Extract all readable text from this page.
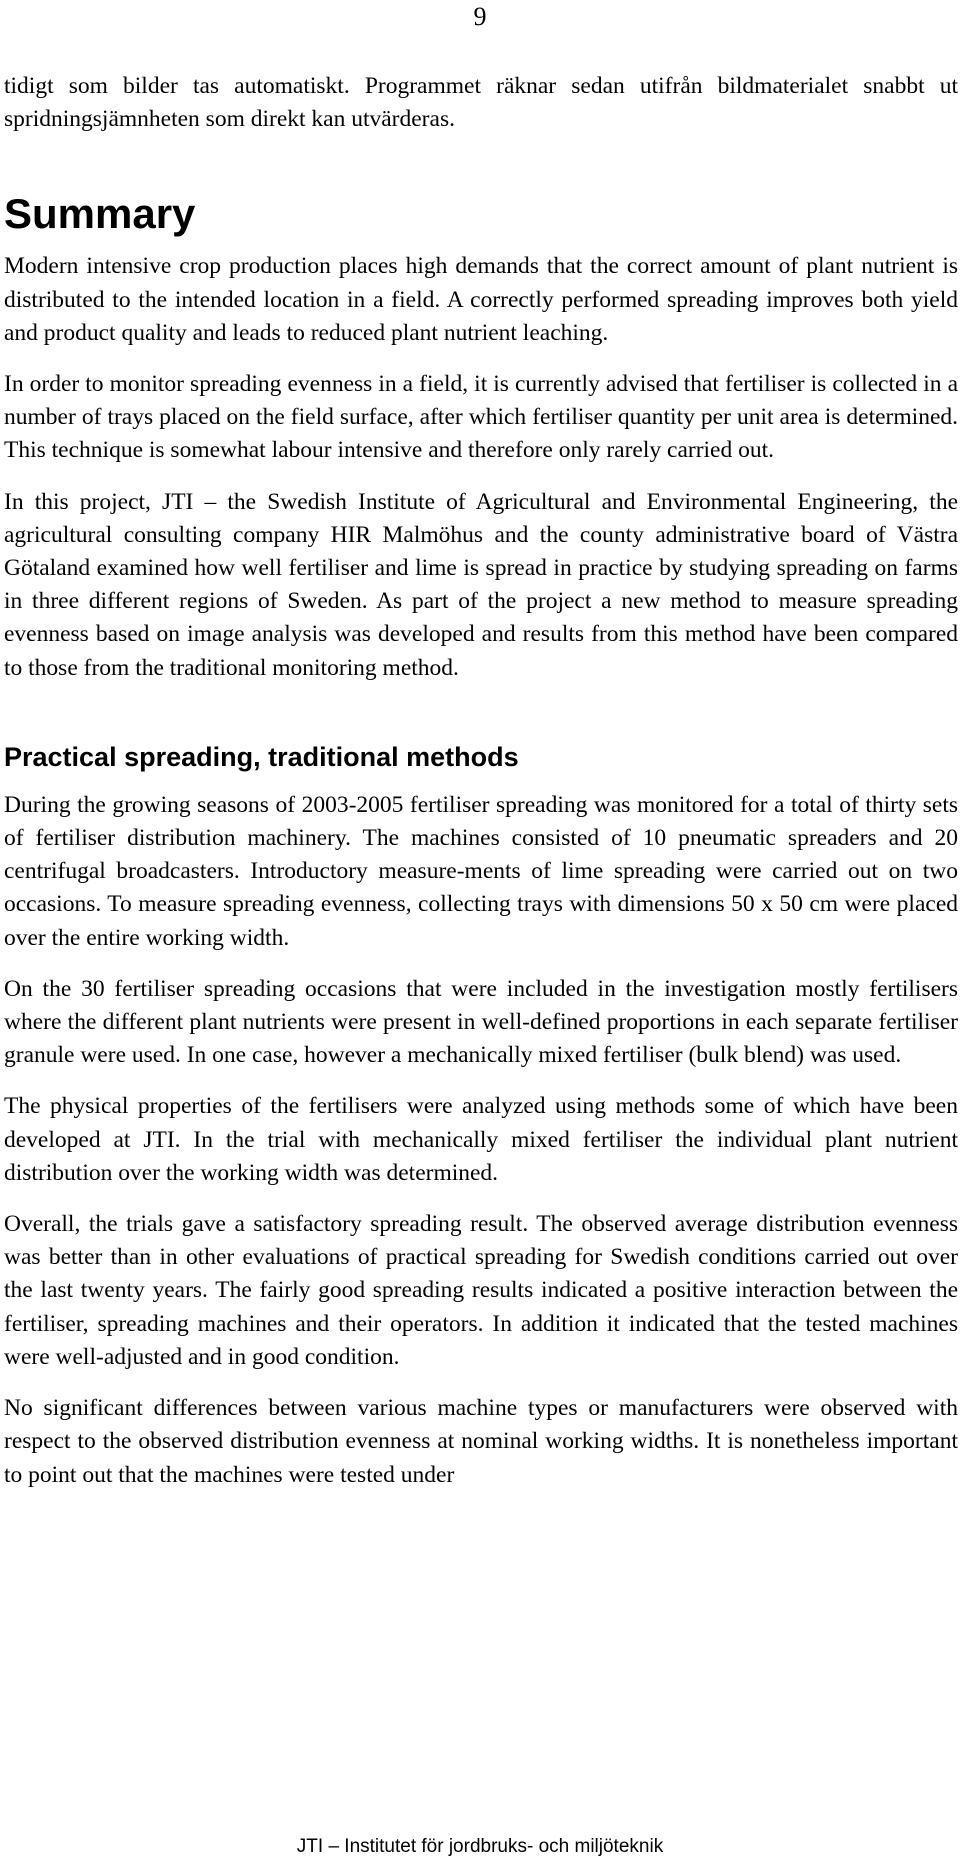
9

tidigt som bilder tas automatiskt. Programmet räknar sedan utifrån bildmaterialet snabbt ut spridningsjämnheten som direkt kan utvärderas.

Summary

Modern intensive crop production places high demands that the correct amount of plant nutrient is distributed to the intended location in a field. A correctly performed spreading improves both yield and product quality and leads to reduced plant nutrient leaching.

In order to monitor spreading evenness in a field, it is currently advised that fertiliser is collected in a number of trays placed on the field surface, after which fertiliser quantity per unit area is determined. This technique is somewhat labour intensive and therefore only rarely carried out.

In this project, JTI – the Swedish Institute of Agricultural and Environmental Engineering, the agricultural consulting company HIR Malmöhus and the county administrative board of Västra Götaland examined how well fertiliser and lime is spread in practice by studying spreading on farms in three different regions of Sweden. As part of the project a new method to measure spreading evenness based on image analysis was developed and results from this method have been compared to those from the traditional monitoring method.

Practical spreading, traditional methods

During the growing seasons of 2003-2005 fertiliser spreading was monitored for a total of thirty sets of fertiliser distribution machinery. The machines consisted of 10 pneumatic spreaders and 20 centrifugal broadcasters. Introductory measure-ments of lime spreading were carried out on two occasions. To measure spreading evenness, collecting trays with dimensions 50 x 50 cm were placed over the entire working width.

On the 30 fertiliser spreading occasions that were included in the investigation mostly fertilisers where the different plant nutrients were present in well-defined proportions in each separate fertiliser granule were used. In one case, however a mechanically mixed fertiliser (bulk blend) was used.

The physical properties of the fertilisers were analyzed using methods some of which have been developed at JTI. In the trial with mechanically mixed fertiliser the individual plant nutrient distribution over the working width was determined.

Overall, the trials gave a satisfactory spreading result. The observed average distribution evenness was better than in other evaluations of practical spreading for Swedish conditions carried out over the last twenty years. The fairly good spreading results indicated a positive interaction between the fertiliser, spreading machines and their operators. In addition it indicated that the tested machines were well-adjusted and in good condition.

No significant differences between various machine types or manufacturers were observed with respect to the observed distribution evenness at nominal working widths. It is nonetheless important to point out that the machines were tested under

JTI – Institutet för jordbruks- och miljöteknik
